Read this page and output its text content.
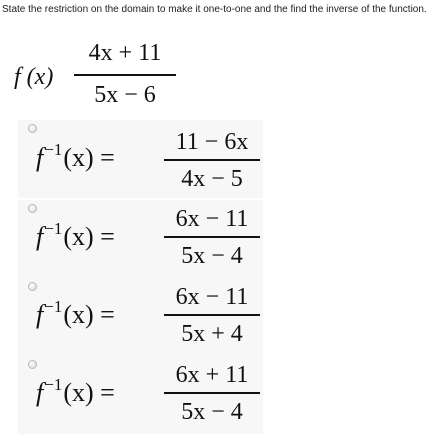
State the restriction on the domain to make it one-to-one and the find the inverse of the function.
f (x)
4x + 11
5x − 6
$f^{-1}(x)$ =
11 − 6x
4x − 5
$f^{-1}(x)$ =
6x − 11
5x − 4
$f^{-1}(x)$ =
6x − 11
5x + 4
$f^{-1}(x)$ =
6x + 11
5x − 4
